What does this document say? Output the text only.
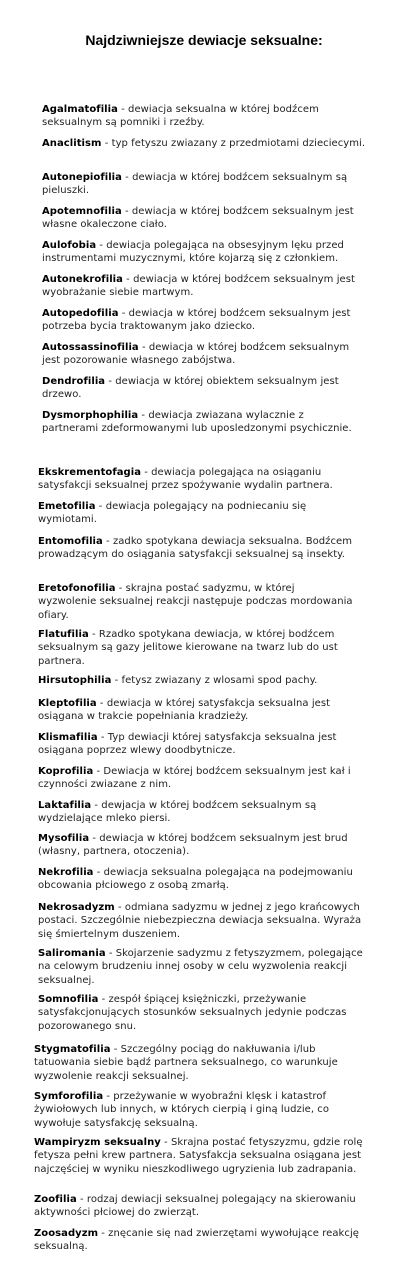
Najdziwniejsze dewiacje seksualne:

Agalmatofilia - dewiacja seksualna w której bodźcem seksualnym są pomniki i rzeźby.

Anaclitism - typ fetyszu zwiazany z przedmiotami dzieciecymi.

Autonepiofilia - dewiacja w której bodźcem seksualnym są pieluszki.

Apotemnofilia - dewiacja w której bodźcem seksualnym jest własne okaleczone ciało.

Aulofobia - dewiacja polegająca na obsesyjnym lęku przed instrumentami muzycznymi, które kojarzą się z członkiem.

Autonekrofilia - dewiacja w której bodźcem seksualnym jest wyobrażanie siebie martwym.

Autopedofilia - dewiacja w której bodźcem seksualnym jest potrzeba bycia traktowanym jako dziecko.

Autossassinofilia - dewiacja w której bodźcem seksualnym jest pozorowanie własnego zabójstwa.

Dendrofilia - dewiacja w której obiektem seksualnym jest drzewo.

Dysmorphophilia - dewiacja zwiazana wylacznie z partnerami zdeformowanymi lub uposledzonymi psychicznie.

Ekskrementofagia - dewiacja polegająca na osiąganiu satysfakcji seksualnej przez spożywanie wydalin partnera.

Emetofilia - dewiacja polegający na podniecaniu się wymiotami.

Entomofilia - zadko spotykana dewiacja seksualna. Bodźcem prowadzącym do osiągania satysfakcji seksualnej są insekty.

Eretofonofilia - skrajna postać sadyzmu, w której wyzwolenie seksualnej reakcji następuje podczas mordowania ofiary.

Flatufilia - Rzadko spotykana dewiacja, w której bodźcem seksualnym są gazy jelitowe kierowane na twarz lub do ust partnera.

Hirsutophilia - fetysz zwiazany z wlosami spod pachy.

Kleptofilia - dewiacja w której satysfakcja seksualna jest osiągana w trakcie popełniania kradzieży.

Klismafilia - Typ dewiacji której satysfakcja seksualna jest osiągana poprzez wlewy doodbytnicze.

Koprofilia - Dewiacja w której bodźcem seksualnym jest kał i czynności zwiazane z nim.

Laktafilia - dewjacja w której bodźcem seksualnym są wydzielające mleko piersi.

Mysofilia - dewiacja w której bodźcem seksualnym jest brud (własny, partnera, otoczenia).

Nekrofilia - dewiacja seksualna polegająca na podejmowaniu obcowania płciowego z osobą zmarłą.

Nekrosadyzm - odmiana sadyzmu w jednej z jego krańcowych postaci. Szczególnie niebezpieczna dewiacja seksualna. Wyraża się śmiertelnym duszeniem.

Saliromania - Skojarzenie sadyzmu z fetyszyzmem, polegające na celowym brudzeniu innej osoby w celu wyzwolenia reakcji seksualnej.

Somnofilia - zespół śpiącej księżniczki, przeżywanie satysfakcjonujących stosunków seksualnych jedynie podczas pozorowanego snu.

Stygmatofilia - Szczególny pociąg do nakłuwania i/lub tatuowania siebie bądź partnera seksualnego, co warunkuje wyzwolenie reakcji seksualnej.

Symforofilia - przeżywanie w wyobraźni klęsk i katastrof żywiołowych lub innych, w których cierpią i giną ludzie, co wywołuje satysfakcję seksualną.

Wampiryzm seksualny - Skrajna postać fetyszyzmu, gdzie rolę fetysza pełni krew partnera. Satysfakcja seksualna osiągana jest najczęściej w wyniku nieszkodliwego ugryzienia lub zadrapania.

Zoofilia - rodzaj dewiacji seksualnej polegający na skierowaniu aktywności płciowej do zwierząt.

Zoosadyzm - znęcanie się nad zwierzętami wywołujące reakcję seksualną.
